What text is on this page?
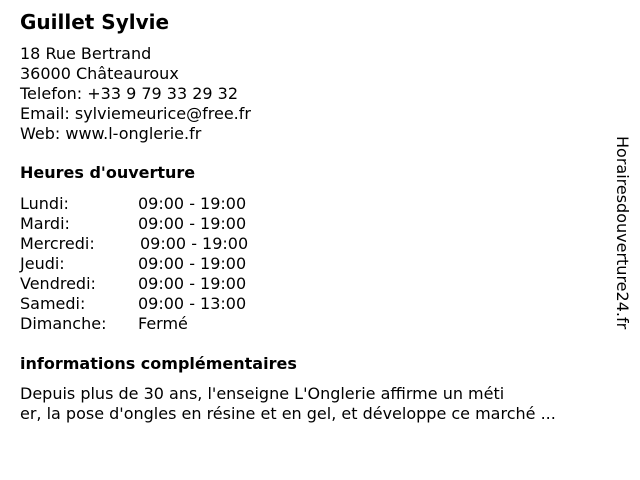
Guillet Sylvie
18 Rue Bertrand
36000 Châteauroux
Telefon: +33 9 79 33 29 32
Email: sylviemeurice@free.fr
Web: www.l-onglerie.fr
Heures d'ouverture
Lundi:	09:00 - 19:00
Mardi:	09:00 - 19:00
Mercredi:	09:00 - 19:00
Jeudi:	09:00 - 19:00
Vendredi:	09:00 - 19:00
Samedi:	09:00 - 13:00
Dimanche: Fermé
informations complémentaires
Depuis plus de 30 ans, l'enseigne L'Onglerie affirme un méti
er, la pose d'ongles en résine et en gel, et développe ce marché ...
Horairesdouverture24.fr
